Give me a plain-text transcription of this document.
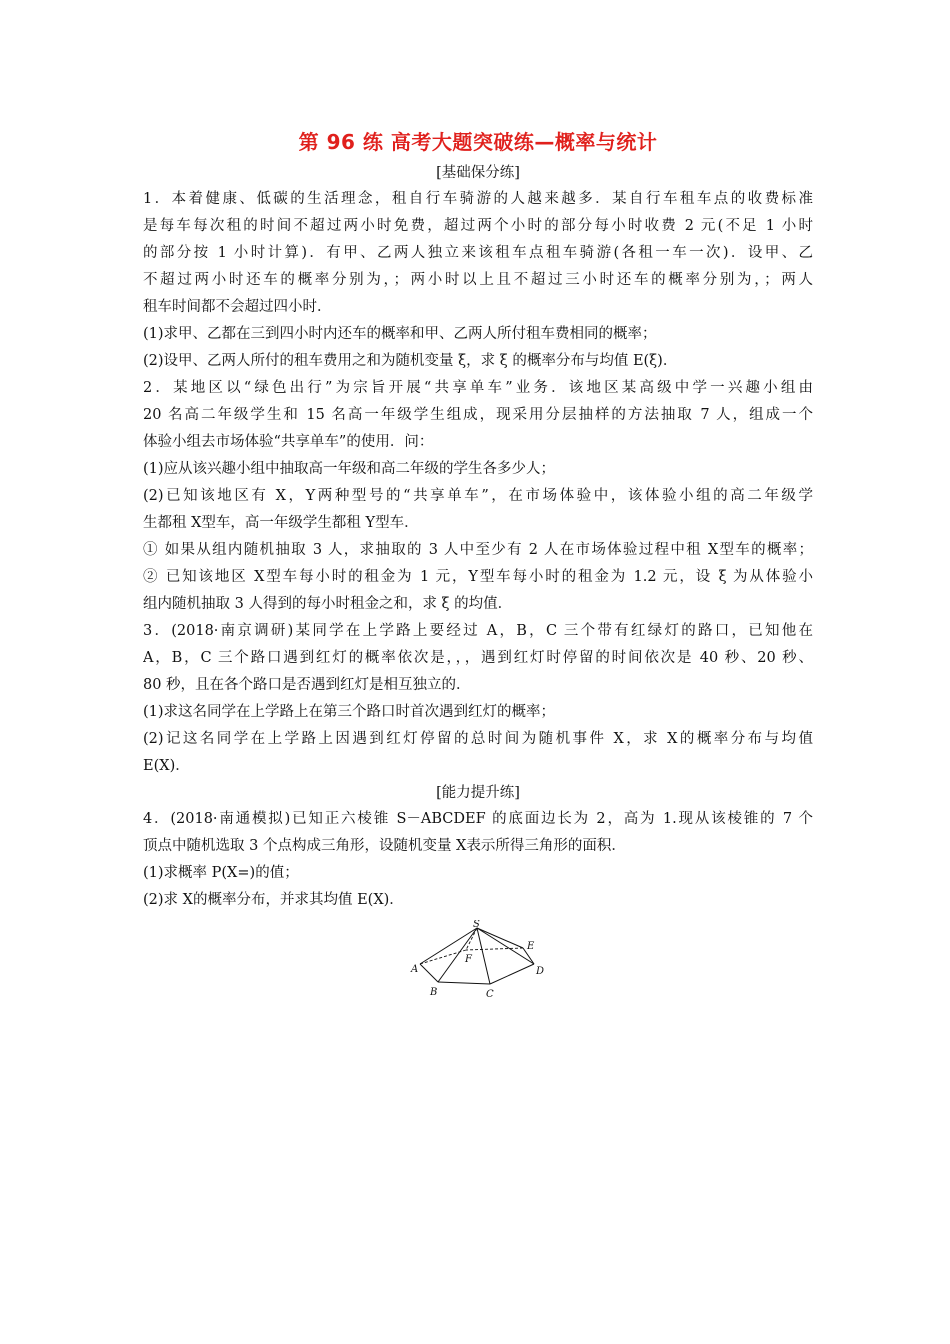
第 96 练 高考大题突破练—概率与统计
[基础保分练]
1．本着健康、低碳的生活理念，租自行车骑游的人越来越多．某自行车租车点的收费标准
是每车每次租的时间不超过两小时免费，超过两个小时的部分每小时收费 2 元(不足 1 小时
的部分按 1 小时计算)．有甲、乙两人独立来该租车点租车骑游(各租一车一次)．设甲、乙
不超过两小时还车的概率分别为，；两小时以上且不超过三小时还车的概率分别为，；两人
租车时间都不会超过四小时．
(1)求甲、乙都在三到四小时内还车的概率和甲、乙两人所付租车费相同的概率；
(2)设甲、乙两人所付的租车费用之和为随机变量 ξ，求 ξ 的概率分布与均值 E(ξ)．
2．某地区以“绿色出行”为宗旨开展“共享单车”业务．该地区某高级中学一兴趣小组由
20 名高二年级学生和 15 名高一年级学生组成，现采用分层抽样的方法抽取 7 人，组成一个
体验小组去市场体验“共享单车”的使用．问：
(1)应从该兴趣小组中抽取高一年级和高二年级的学生各多少人；
(2)已知该地区有 X，Y两种型号的“共享单车”，在市场体验中，该体验小组的高二年级学
生都租 X型车，高一年级学生都租 Y型车．
① 如果从组内随机抽取 3 人，求抽取的 3 人中至少有 2 人在市场体验过程中租 X型车的概率；
② 已知该地区 X型车每小时的租金为 1 元，Y型车每小时的租金为 1.2 元，设 ξ 为从体验小
组内随机抽取 3 人得到的每小时租金之和，求 ξ 的均值．
3．(2018·南京调研)某同学在上学路上要经过 A，B，C 三个带有红绿灯的路口，已知他在
A，B，C 三个路口遇到红灯的概率依次是，，，遇到红灯时停留的时间依次是 40 秒、20 秒、
80 秒，且在各个路口是否遇到红灯是相互独立的．
(1)求这名同学在上学路上在第三个路口时首次遇到红灯的概率；
(2)记这名同学在上学路上因遇到红灯停留的总时间为随机事件 X，求 X的概率分布与均值
E(X)．
[能力提升练]
4．(2018·南通模拟)已知正六棱锥 S－ABCDEF 的底面边长为 2，高为 1.现从该棱锥的 7 个
顶点中随机选取 3 个点构成三角形，设随机变量 X表示所得三角形的面积．
(1)求概率 P(X=)的值；
(2)求 X的概率分布，并求其均值 E(X)．
S
A
B	C
D
E
F
